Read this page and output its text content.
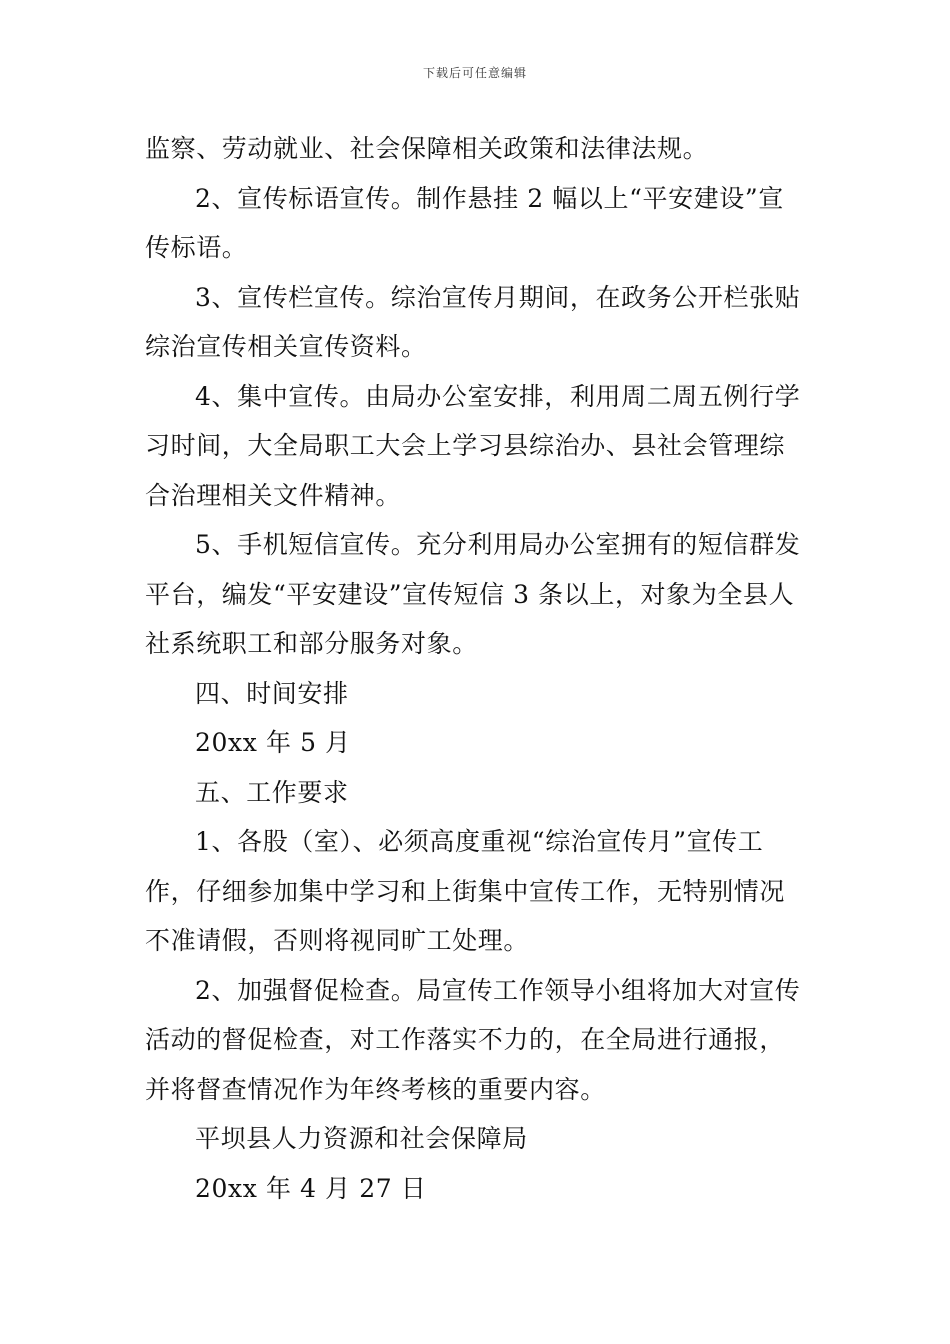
下载后可任意编辑
监察、劳动就业、社会保障相关政策和法律法规。
2、宣传标语宣传。制作悬挂 2 幅以上“平安建设”宣
传标语。
3、宣传栏宣传。综治宣传月期间，在政务公开栏张贴
综治宣传相关宣传资料。
4、集中宣传。由局办公室安排，利用周二周五例行学
习时间，大全局职工大会上学习县综治办、县社会管理综
合治理相关文件精神。
5、手机短信宣传。充分利用局办公室拥有的短信群发
平台，编发“平安建设”宣传短信 3 条以上，对象为全县人
社系统职工和部分服务对象。
四、时间安排
20xx 年 5 月
五、工作要求
1、各股（室）、必须高度重视“综治宣传月”宣传工
作，仔细参加集中学习和上街集中宣传工作，无特别情况
不准请假，否则将视同旷工处理。
2、加强督促检查。局宣传工作领导小组将加大对宣传
活动的督促检查，对工作落实不力的，在全局进行通报，
并将督查情况作为年终考核的重要内容。
平坝县人力资源和社会保障局
20xx 年 4 月 27 日
